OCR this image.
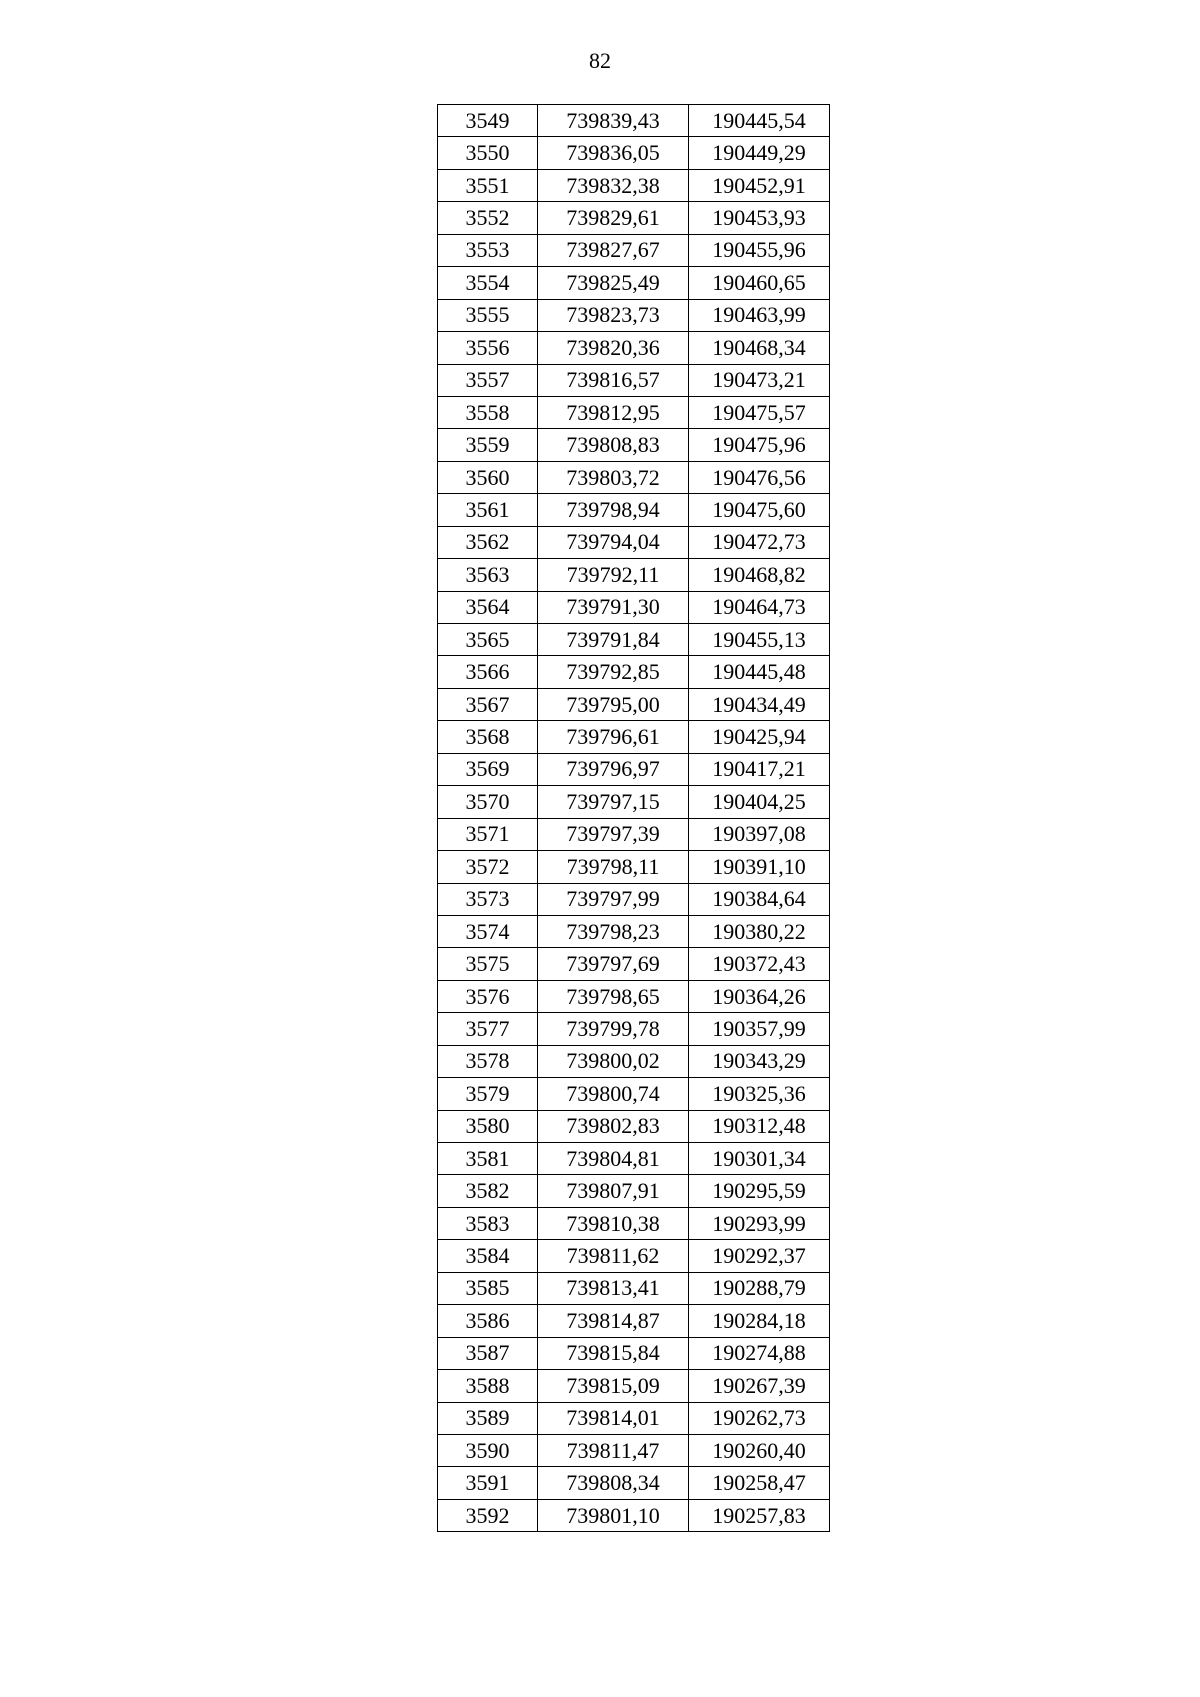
82
3549	739839,43	190445,54
3550	739836,05	190449,29
3551	739832,38	190452,91
3552	739829,61	190453,93
3553	739827,67	190455,96
3554	739825,49	190460,65
3555	739823,73	190463,99
3556	739820,36	190468,34
3557	739816,57	190473,21
3558	739812,95	190475,57
3559	739808,83	190475,96
3560	739803,72	190476,56
3561	739798,94	190475,60
3562	739794,04	190472,73
3563	739792,11	190468,82
3564	739791,30	190464,73
3565	739791,84	190455,13
3566	739792,85	190445,48
3567	739795,00	190434,49
3568	739796,61	190425,94
3569	739796,97	190417,21
3570	739797,15	190404,25
3571	739797,39	190397,08
3572	739798,11	190391,10
3573	739797,99	190384,64
3574	739798,23	190380,22
3575	739797,69	190372,43
3576	739798,65	190364,26
3577	739799,78	190357,99
3578	739800,02	190343,29
3579	739800,74	190325,36
3580	739802,83	190312,48
3581	739804,81	190301,34
3582	739807,91	190295,59
3583	739810,38	190293,99
3584	739811,62	190292,37
3585	739813,41	190288,79
3586	739814,87	190284,18
3587	739815,84	190274,88
3588	739815,09	190267,39
3589	739814,01	190262,73
3590	739811,47	190260,40
3591	739808,34	190258,47
3592	739801,10	190257,83
